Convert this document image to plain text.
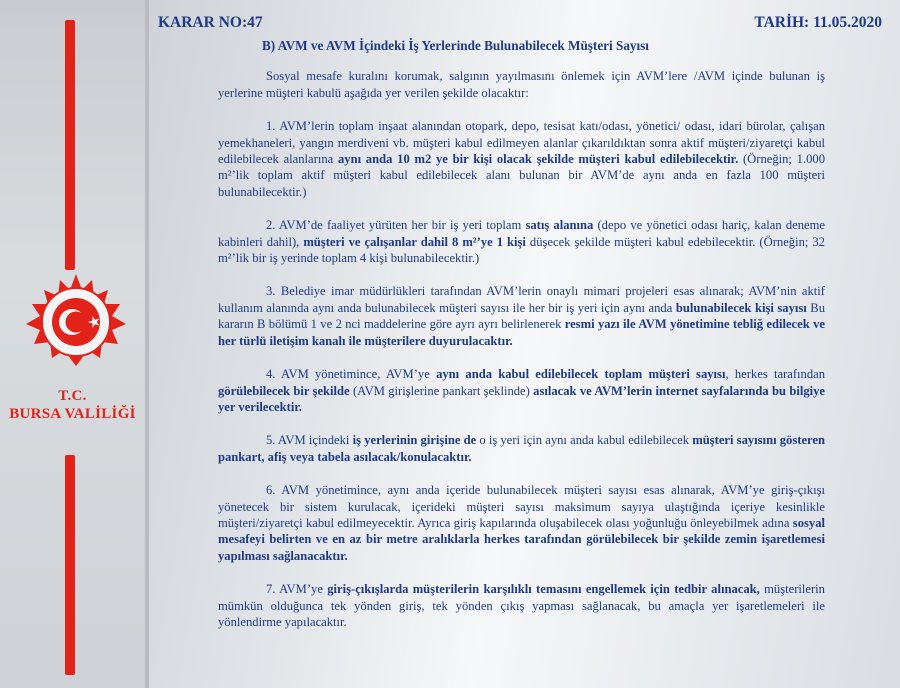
T.C.
BURSA VALİLİĞİ
KARAR NO:47	TARİH: 11.05.2020
B) AVM ve AVM İçindeki İş Yerlerinde Bulunabilecek Müşteri Sayısı

Sosyal mesafe kuralını korumak, salgının yayılmasını önlemek için AVM’lere /AVM içinde bulunan iş yerlerine müşteri kabulü aşağıda yer verilen şekilde olacaktır:

1. AVM’lerin toplam inşaat alanından otopark, depo, tesisat katı/odası, yönetici/ odası, idari bürolar, çalışan yemekhaneleri, yangın merdiveni vb. müşteri kabul edilmeyen alanlar çıkarıldıktan sonra aktif müşteri/ziyaretçi kabul edilebilecek alanlarına aynı anda 10 m2 ye bir kişi olacak şekilde müşteri kabul edilebilecektir. (Örneğin; 1.000 m²’lik toplam aktif müşteri kabul edilebilecek alanı bulunan bir AVM’de aynı anda en fazla 100 müşteri bulunabilecektir.)

2. AVM’de faaliyet yürüten her bir iş yeri toplam satış alanına (depo ve yönetici odası hariç, kalan deneme kabinleri dahil), müşteri ve çalışanlar dahil 8 m²’ye 1 kişi düşecek şekilde müşteri kabul edebilecektir. (Örneğin; 32 m²’lik bir iş yerinde toplam 4 kişi bulunabilecektir.)

3. Belediye imar müdürlükleri tarafından AVM’lerin onaylı mimari projeleri esas alınarak; AVM’nin aktif kullanım alanında aynı anda bulunabilecek müşteri sayısı ile her bir iş yeri için aynı anda bulunabilecek kişi sayısı Bu kararın B bölümü 1 ve 2 nci maddelerine göre ayrı ayrı belirlenerek resmi yazı ile AVM yönetimine tebliğ edilecek ve her türlü iletişim kanalı ile müşterilere duyurulacaktır.

4. AVM yönetimince, AVM’ye aynı anda kabul edilebilecek toplam müşteri sayısı, herkes tarafından görülebilecek bir şekilde (AVM girişlerine pankart şeklinde) asılacak ve AVM’lerin internet sayfalarında bu bilgiye yer verilecektir.

5. AVM içindeki iş yerlerinin girişine de o iş yeri için aynı anda kabul edilebilecek müşteri sayısını gösteren pankart, afiş veya tabela asılacak/konulacaktır.

6. AVM yönetimince, aynı anda içeride bulunabilecek müşteri sayısı esas alınarak, AVM’ye giriş-çıkışı yönetecek bir sistem kurulacak, içerideki müşteri sayısı maksimum sayıya ulaştığında içeriye kesinlikle müşteri/ziyaretçi kabul edilmeyecektir. Ayrıca giriş kapılarında oluşabilecek olası yoğunluğu önleyebilmek adına sosyal mesafeyi belirten ve en az bir metre aralıklarla herkes tarafından görülebilecek bir şekilde zemin işaretlemesi yapılması sağlanacaktır.

7. AVM’ye giriş-çıkışlarda müşterilerin karşılıklı temasını engellemek için tedbir alınacak, müşterilerin mümkün olduğunca tek yönden giriş, tek yönden çıkış yapması sağlanacak, bu amaçla yer işaretlemeleri ile yönlendirme yapılacaktır.
